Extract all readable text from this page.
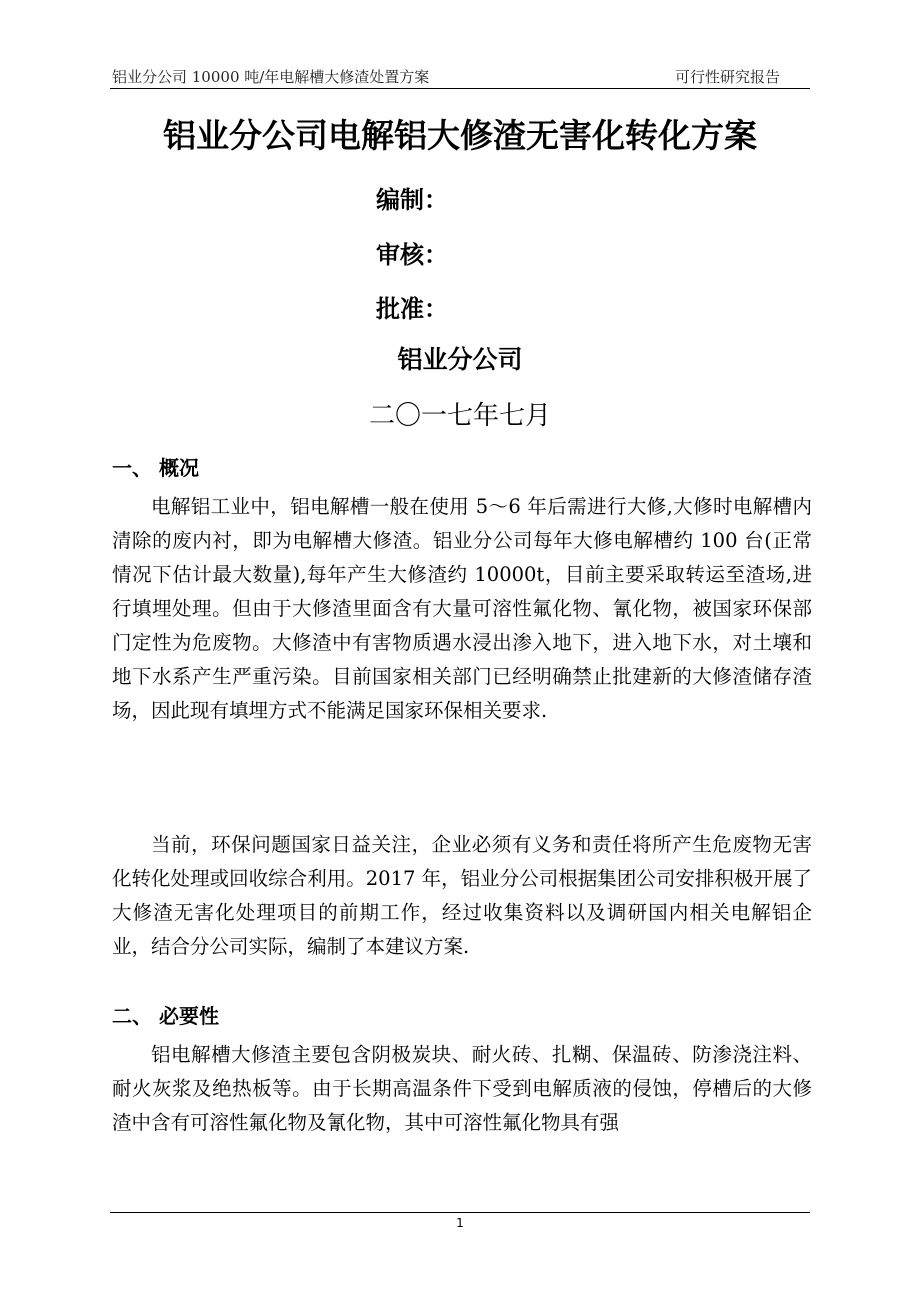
铝业分公司 10000 吨/年电解槽大修渣处置方案	可行性研究报告
铝业分公司电解铝大修渣无害化转化方案
编制：
审核：
批准：
铝业分公司
二〇一七年七月
一、 概况
电解铝工业中，铝电解槽一般在使用 5～6 年后需进行大修,大修时电解槽内清除的废内衬，即为电解槽大修渣。铝业分公司每年大修电解槽约 100 台(正常情况下估计最大数量),每年产生大修渣约 10000t，目前主要采取转运至渣场,进行填埋处理。但由于大修渣里面含有大量可溶性氟化物、氰化物，被国家环保部门定性为危废物。大修渣中有害物质遇水浸出渗入地下，进入地下水，对土壤和地下水系产生严重污染。目前国家相关部门已经明确禁止批建新的大修渣储存渣场，因此现有填埋方式不能满足国家环保相关要求.
当前，环保问题国家日益关注，企业必须有义务和责任将所产生危废物无害化转化处理或回收综合利用。2017 年，铝业分公司根据集团公司安排积极开展了大修渣无害化处理项目的前期工作，经过收集资料以及调研国内相关电解铝企业，结合分公司实际，编制了本建议方案.
二、 必要性
铝电解槽大修渣主要包含阴极炭块、耐火砖、扎糊、保温砖、防渗浇注料、耐火灰浆及绝热板等。由于长期高温条件下受到电解质液的侵蚀，停槽后的大修渣中含有可溶性氟化物及氰化物，其中可溶性氟化物具有强
1
